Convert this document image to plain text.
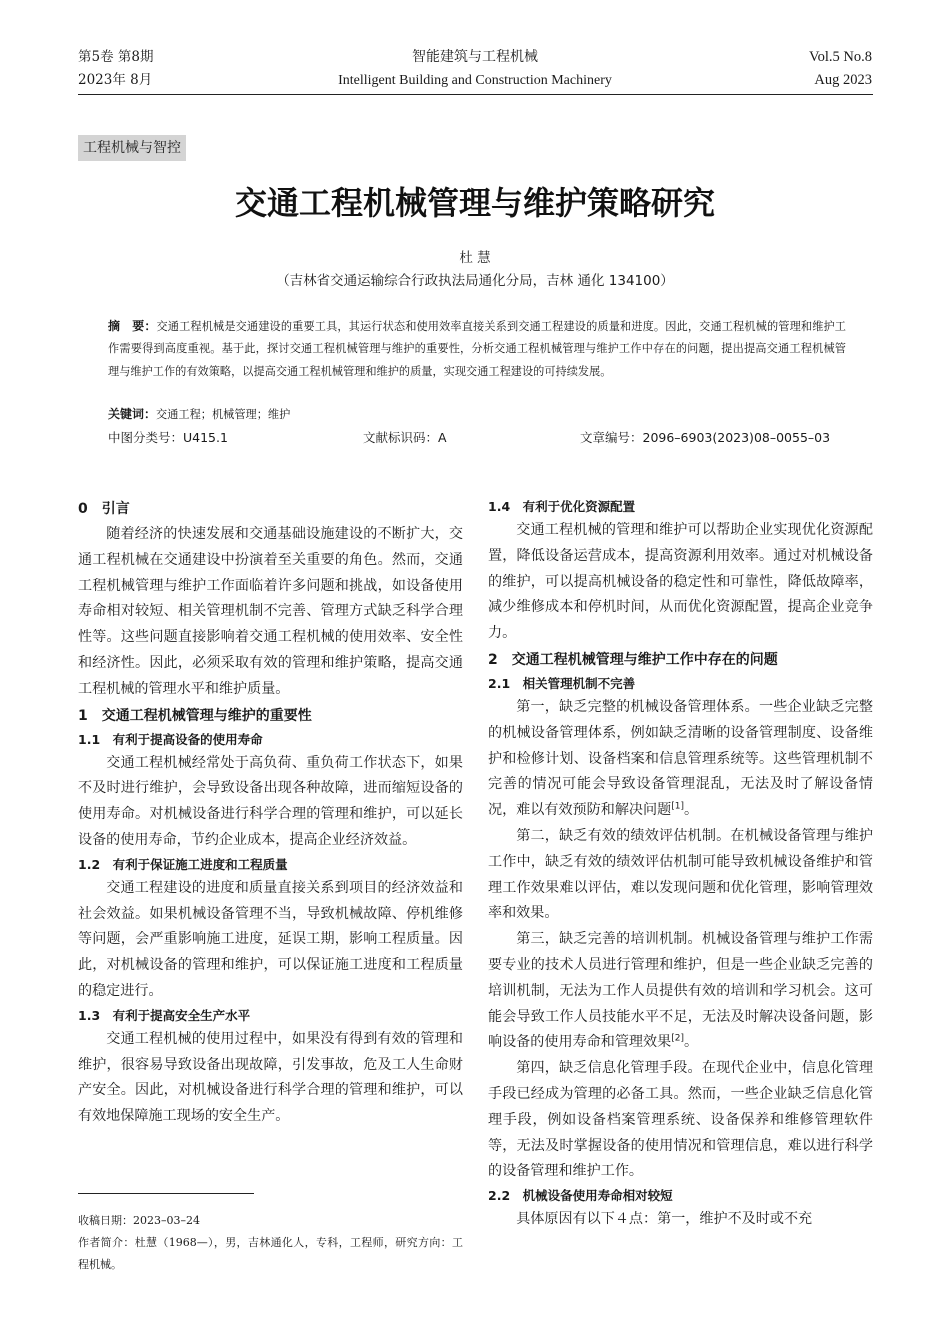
第5卷 第8期
2023年 8月
智能建筑与工程机械
Intelligent Building and Construction Machinery
Vol.5 No.8
Aug 2023
工程机械与智控
交通工程机械管理与维护策略研究
杜 慧
（吉林省交通运输综合行政执法局通化分局，吉林 通化 134100）
摘　要：交通工程机械是交通建设的重要工具，其运行状态和使用效率直接关系到交通工程建设的质量和进度。因此，交通工程机械的管理和维护工作需要得到高度重视。基于此，探讨交通工程机械管理与维护的重要性，分析交通工程机械管理与维护工作中存在的问题，提出提高交通工程机械管理与维护工作的有效策略，以提高交通工程机械管理和维护的质量，实现交通工程建设的可持续发展。
关键词：交通工程；机械管理；维护
中图分类号：U415.1	文献标识码：A	文章编号：2096–6903(2023)08–0055–03
0　引言

随着经济的快速发展和交通基础设施建设的不断扩大，交通工程机械在交通建设中扮演着至关重要的角色。然而，交通工程机械管理与维护工作面临着许多问题和挑战，如设备使用寿命相对较短、相关管理机制不完善、管理方式缺乏科学合理性等。这些问题直接影响着交通工程机械的使用效率、安全性和经济性。因此，必须采取有效的管理和维护策略，提高交通工程机械的管理水平和维护质量。

1　交通工程机械管理与维护的重要性
1.1　有利于提高设备的使用寿命

交通工程机械经常处于高负荷、重负荷工作状态下，如果不及时进行维护，会导致设备出现各种故障，进而缩短设备的使用寿命。对机械设备进行科学合理的管理和维护，可以延长设备的使用寿命，节约企业成本，提高企业经济效益。

1.2　有利于保证施工进度和工程质量

交通工程建设的进度和质量直接关系到项目的经济效益和社会效益。如果机械设备管理不当，导致机械故障、停机维修等问题，会严重影响施工进度，延误工期，影响工程质量。因此，对机械设备的管理和维护，可以保证施工进度和工程质量的稳定进行。

1.3　有利于提高安全生产水平

交通工程机械的使用过程中，如果没有得到有效的管理和维护，很容易导致设备出现故障，引发事故，危及工人生命财产安全。因此，对机械设备进行科学合理的管理和维护，可以有效地保障施工现场的安全生产。

收稿日期：2023–03–24
作者简介：杜慧（1968—），男，吉林通化人，专科，工程师，研究方向：工程机械。
1.4　有利于优化资源配置

交通工程机械的管理和维护可以帮助企业实现优化资源配置，降低设备运营成本，提高资源利用效率。通过对机械设备的维护，可以提高机械设备的稳定性和可靠性，降低故障率，减少维修成本和停机时间，从而优化资源配置，提高企业竞争力。

2　交通工程机械管理与维护工作中存在的问题
2.1　相关管理机制不完善

第一，缺乏完整的机械设备管理体系。一些企业缺乏完整的机械设备管理体系，例如缺乏清晰的设备管理制度、设备维护和检修计划、设备档案和信息管理系统等。这些管理机制不完善的情况可能会导致设备管理混乱，无法及时了解设备情况，难以有效预防和解决问题[1]。

第二，缺乏有效的绩效评估机制。在机械设备管理与维护工作中，缺乏有效的绩效评估机制可能导致机械设备维护和管理工作效果难以评估，难以发现问题和优化管理，影响管理效率和效果。

第三，缺乏完善的培训机制。机械设备管理与维护工作需要专业的技术人员进行管理和维护，但是一些企业缺乏完善的培训机制，无法为工作人员提供有效的培训和学习机会。这可能会导致工作人员技能水平不足，无法及时解决设备问题，影响设备的使用寿命和管理效果[2]。

第四，缺乏信息化管理手段。在现代企业中，信息化管理手段已经成为管理的必备工具。然而，一些企业缺乏信息化管理手段，例如设备档案管理系统、设备保养和维修管理软件等，无法及时掌握设备的使用情况和管理信息，难以进行科学的设备管理和维护工作。

2.2　机械设备使用寿命相对较短

具体原因有以下４点：第一，维护不及时或不充
